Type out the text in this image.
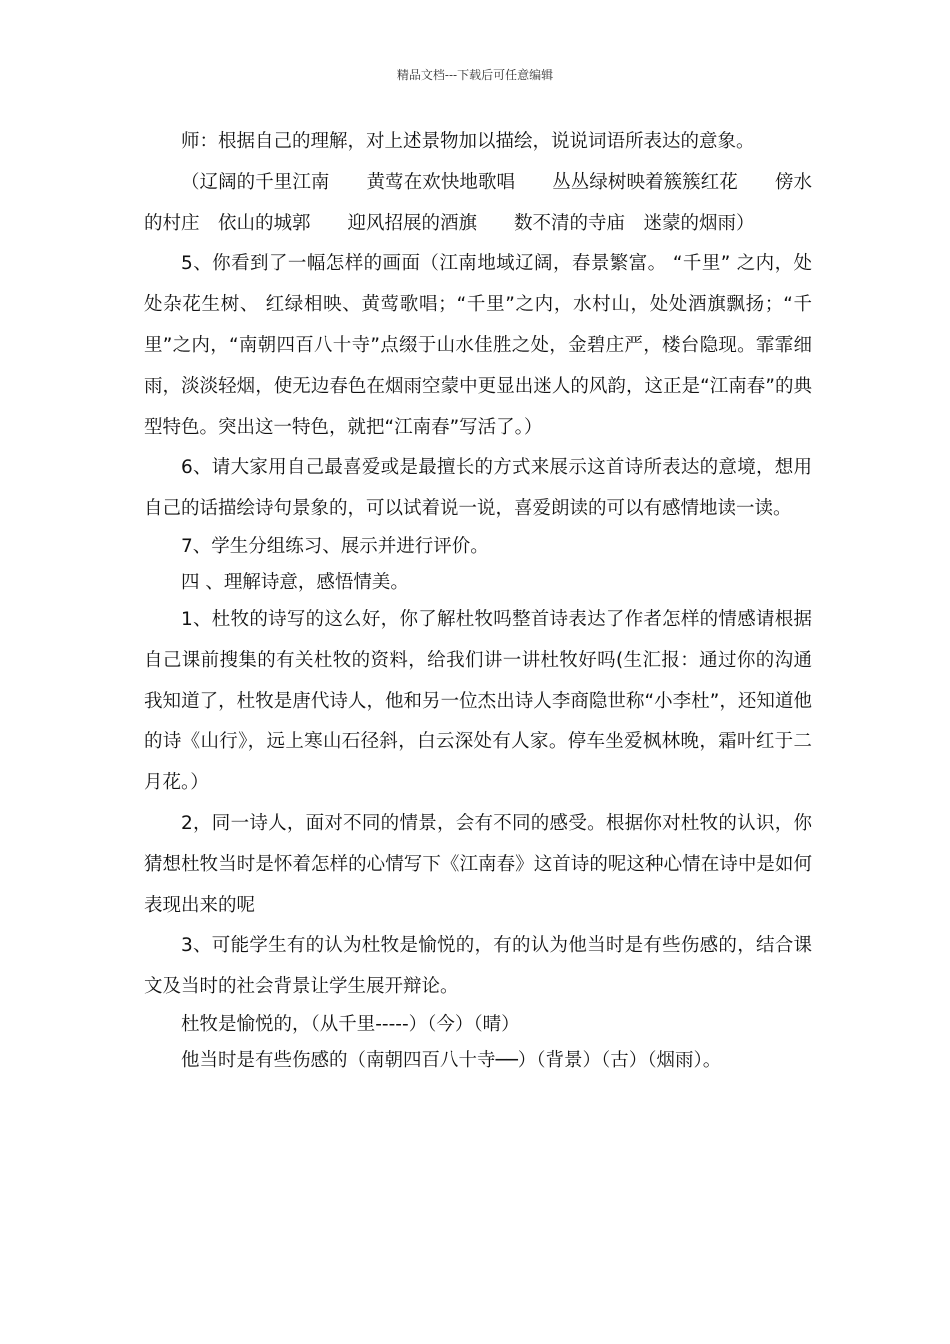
精品文档---下载后可任意编辑

师：根据自己的理解，对上述景物加以描绘，说说词语所表达的意象。

（辽阔的千里江南　　黄莺在欢快地歌唱　　丛丛绿树映着簇簇红花　　傍水的村庄　依山的城郭　　迎风招展的酒旗　　数不清的寺庙　迷蒙的烟雨）

5、你看到了一幅怎样的画面（江南地域辽阔，春景繁富。 “千里” 之内，处处杂花生树、 红绿相映、黄莺歌唱；“千里”之内，水村山，处处酒旗飘扬；“千里”之内，“南朝四百八十寺”点缀于山水佳胜之处，金碧庄严，楼台隐现。霏霏细雨，淡淡轻烟，使无边春色在烟雨空蒙中更显出迷人的风韵，这正是“江南春”的典型特色。突出这一特色，就把“江南春”写活了。）

6、请大家用自己最喜爱或是最擅长的方式来展示这首诗所表达的意境，想用自己的话描绘诗句景象的，可以试着说一说，喜爱朗读的可以有感情地读一读。

7、学生分组练习、展示并进行评价。

四 、理解诗意，感悟情美。

1、杜牧的诗写的这么好，你了解杜牧吗整首诗表达了作者怎样的情感请根据自己课前搜集的有关杜牧的资料，给我们讲一讲杜牧好吗(生汇报：通过你的沟通我知道了，杜牧是唐代诗人，他和另一位杰出诗人李商隐世称“小李杜”，还知道他的诗《山行》，远上寒山石径斜，白云深处有人家。停车坐爱枫林晚，霜叶红于二月花。）

2，同一诗人，面对不同的情景，会有不同的感受。根据你对杜牧的认识，你猜想杜牧当时是怀着怎样的心情写下《江南春》这首诗的呢这种心情在诗中是如何表现出来的呢

3、可能学生有的认为杜牧是愉悦的，有的认为他当时是有些伤感的，结合课文及当时的社会背景让学生展开辩论。

杜牧是愉悦的，（从千里-----）（今）（晴）

他当时是有些伤感的（南朝四百八十寺──）（背景）（古）（烟雨）。
